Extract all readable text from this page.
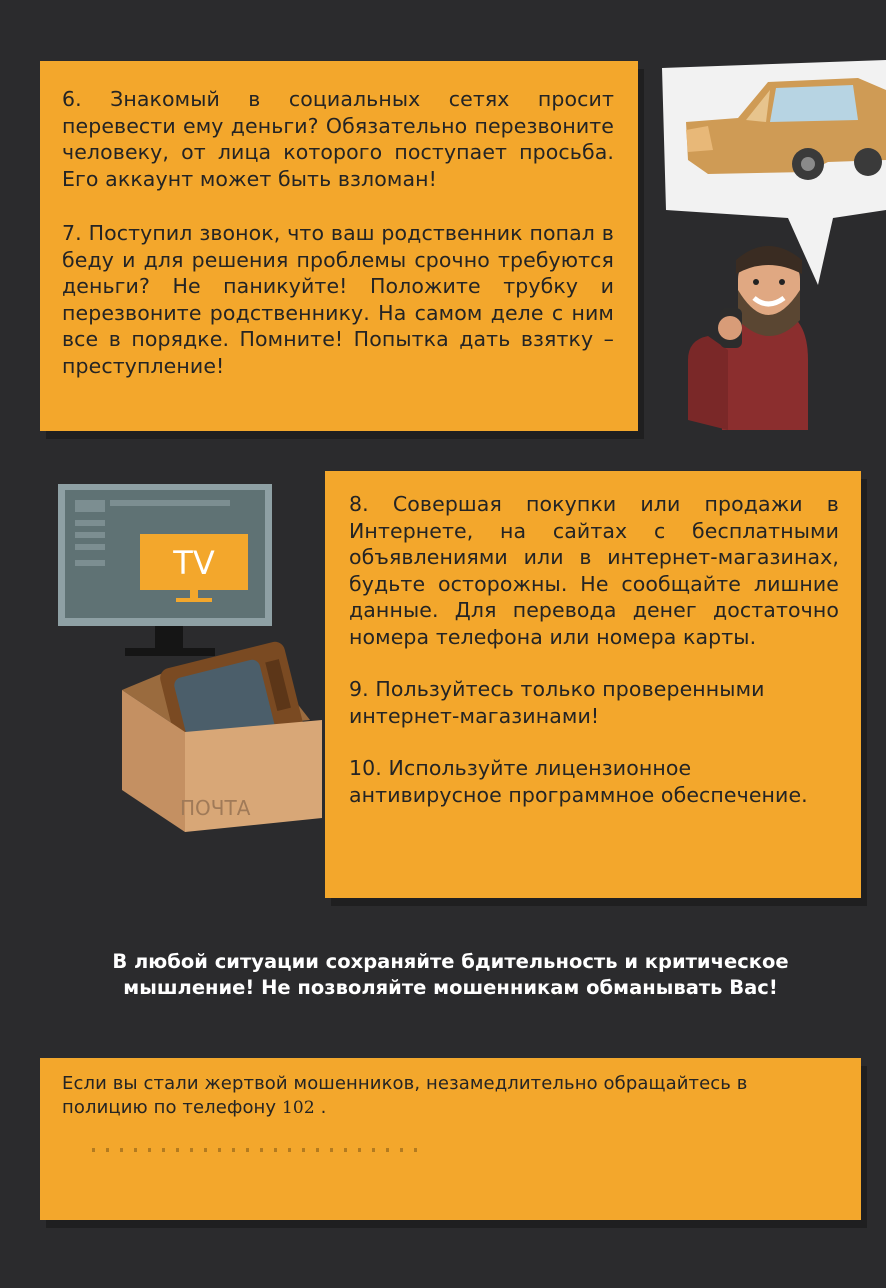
TV
ПОЧТА

6. Знакомый в социальных сетях просит перевести ему деньги? Обязательно перезвоните человеку, от лица которого поступает просьба. Его аккаунт может быть взломан!

7. Поступил звонок, что ваш родственник попал в беду и для решения проблемы срочно требуются деньги? Не паникуйте! Положите трубку и перезвоните родственнику. На самом деле с ним все в порядке. Помните! Попытка дать взятку – преступление!

8. Совершая покупки или продажи в Интернете, на сайтах с бесплатными объявлениями или в интернет-магазинах, будьте осторожны. Не сообщайте лишние данные. Для перевода денег достаточно номера телефона или номера карты.

9. Пользуйтесь только проверенными интернет-магазинами!

10. Используйте лицензионное антивирусное программное обеспечение.

В любой ситуации сохраняйте бдительность и критическое
мышление! Не позволяйте мошенникам обманывать Вас!

Если вы стали жертвой мошенников, незамедлительно обращайтесь в полицию по телефону 102 .
